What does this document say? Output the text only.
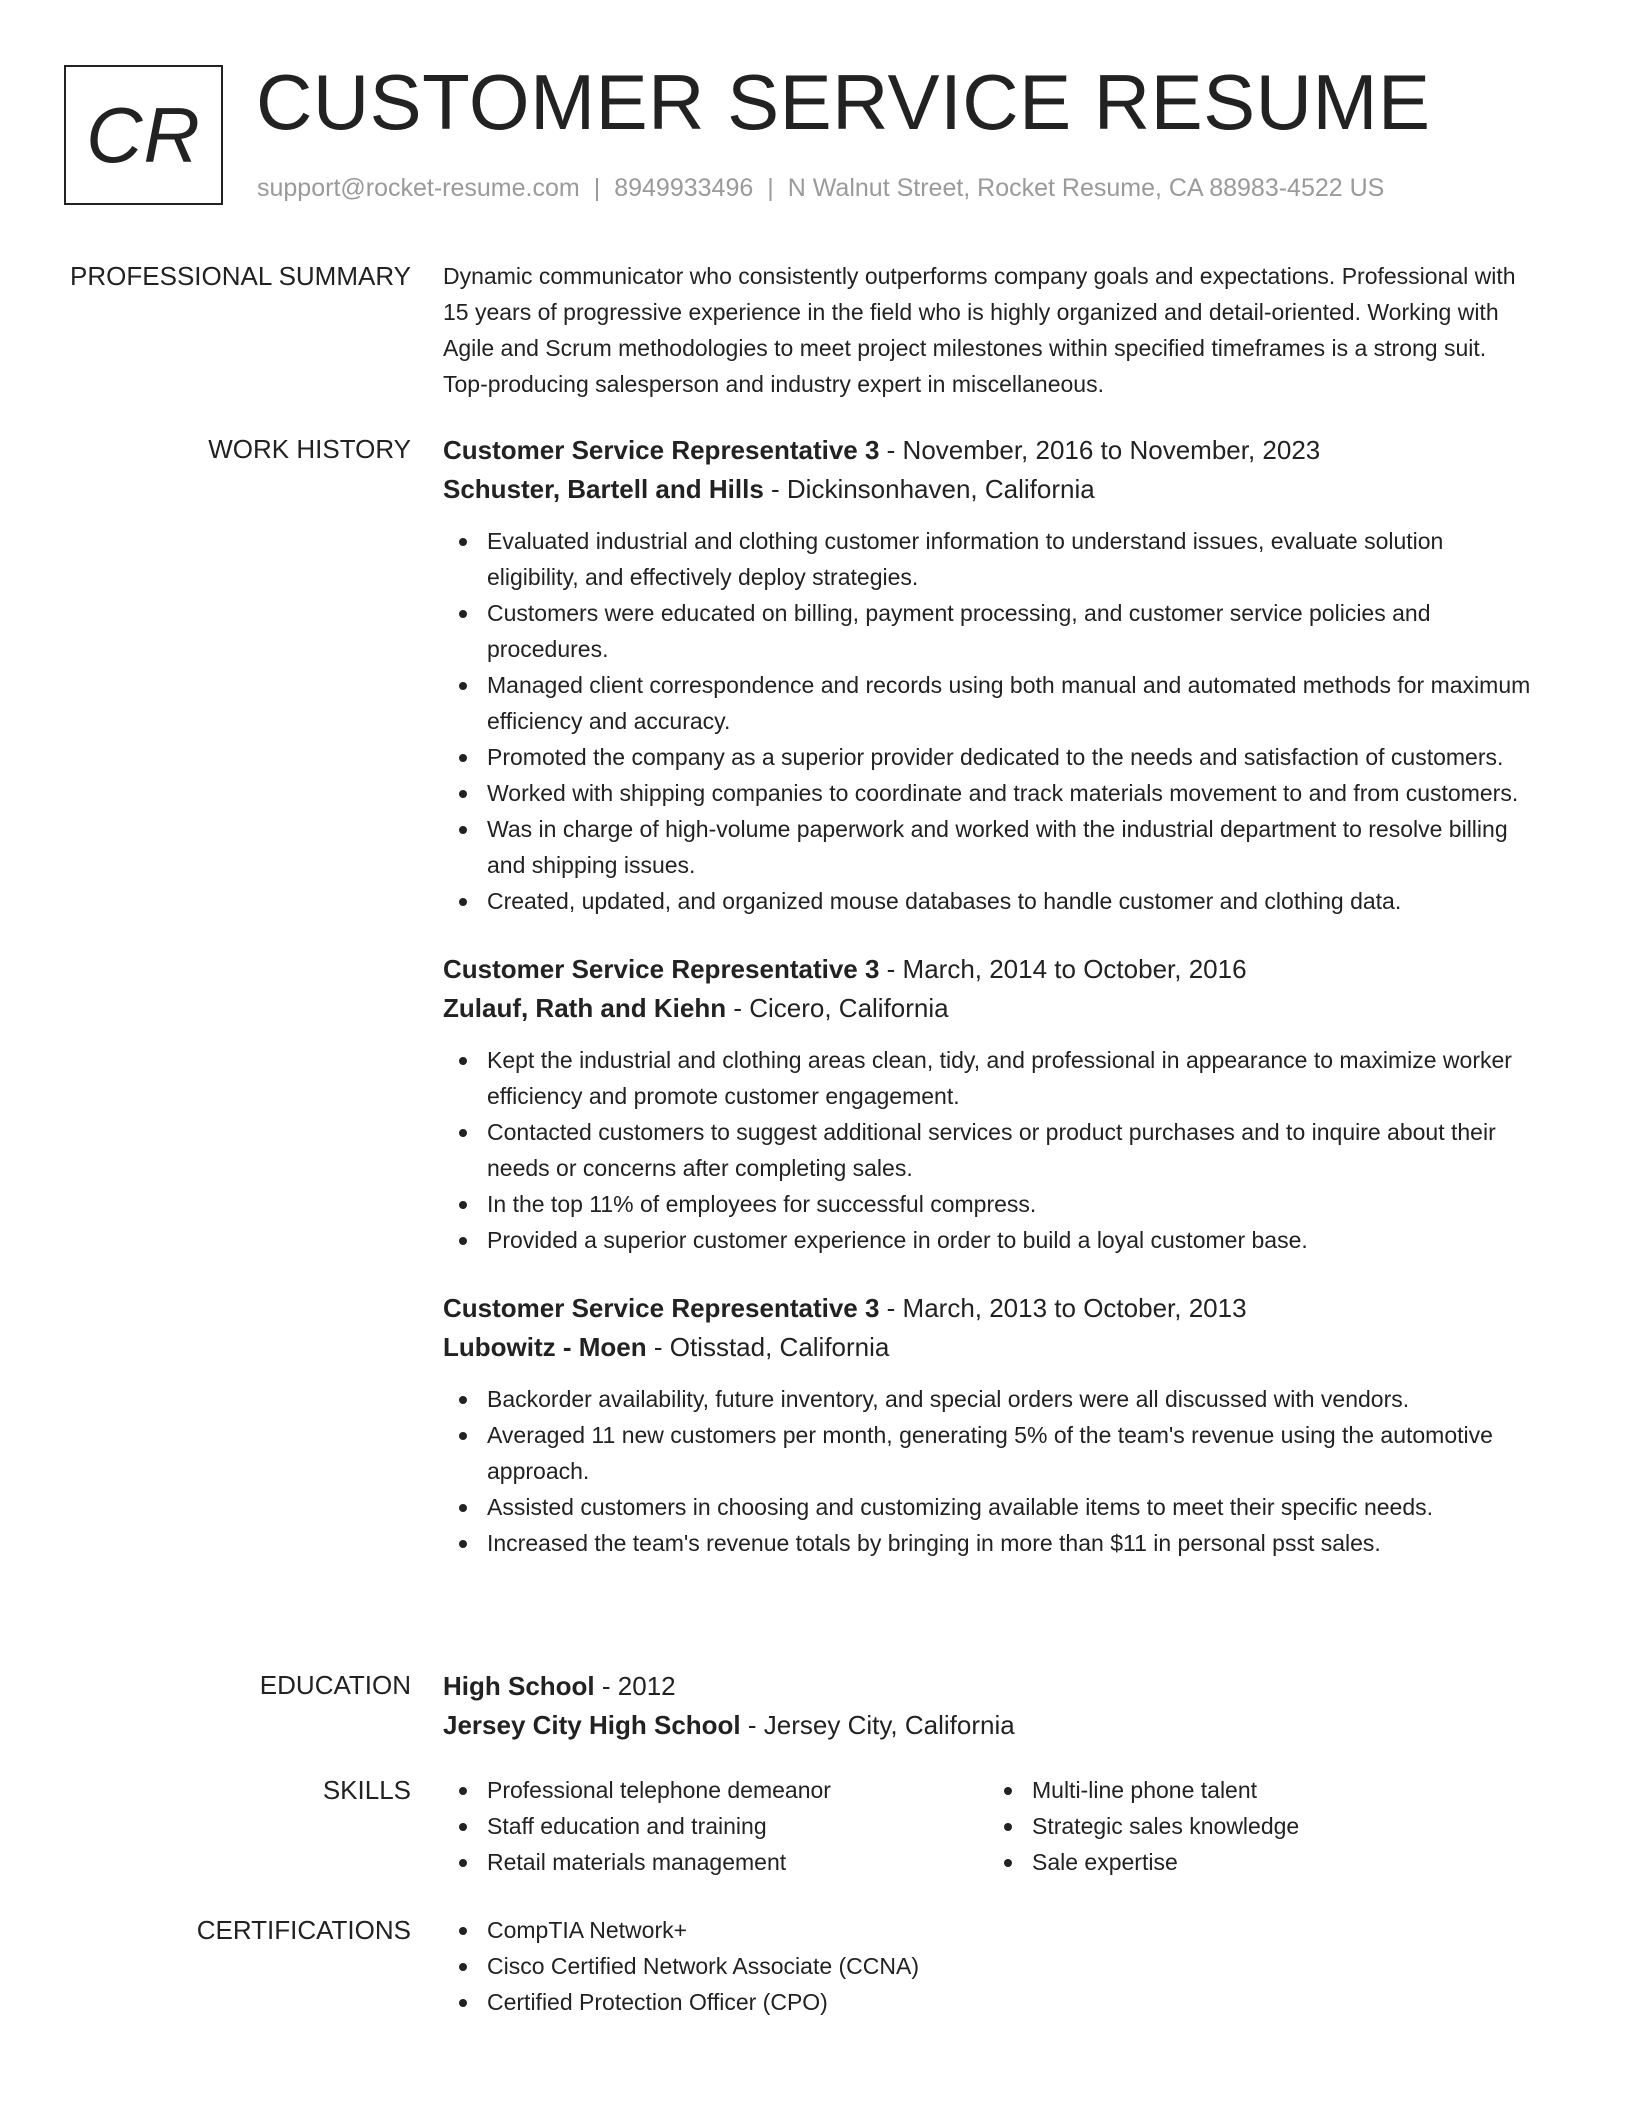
CR CUSTOMER SERVICE RESUME
support@rocket-resume.com | 8949933496 | N Walnut Street, Rocket Resume, CA 88983-4522 US
PROFESSIONAL SUMMARY Dynamic communicator who consistently outperforms company goals and expectations. Professional with 15 years of progressive experience in the field who is highly organized and detail-oriented. Working with Agile and Scrum methodologies to meet project milestones within specified timeframes is a strong suit. Top-producing salesperson and industry expert in miscellaneous.

WORK HISTORY Customer Service Representative 3 - November, 2016 to November, 2023

Schuster, Bartell and Hills - Dickinsonhaven, California

Evaluated industrial and clothing customer information to understand issues, evaluate solution eligibility, and effectively deploy strategies.
Customers were educated on billing, payment processing, and customer service policies and procedures.
Managed client correspondence and records using both manual and automated methods for maximum efficiency and accuracy.
Promoted the company as a superior provider dedicated to the needs and satisfaction of customers.
Worked with shipping companies to coordinate and track materials movement to and from customers.
Was in charge of high-volume paperwork and worked with the industrial department to resolve billing and shipping issues.
Created, updated, and organized mouse databases to handle customer and clothing data.

Customer Service Representative 3 - March, 2014 to October, 2016

Zulauf, Rath and Kiehn - Cicero, California

Kept the industrial and clothing areas clean, tidy, and professional in appearance to maximize worker efficiency and promote customer engagement.
Contacted customers to suggest additional services or product purchases and to inquire about their needs or concerns after completing sales.
In the top 11% of employees for successful compress.
Provided a superior customer experience in order to build a loyal customer base.

Customer Service Representative 3 - March, 2013 to October, 2013

Lubowitz - Moen - Otisstad, California

Backorder availability, future inventory, and special orders were all discussed with vendors.
Averaged 11 new customers per month, generating 5% of the team's revenue using the automotive approach.
Assisted customers in choosing and customizing available items to meet their specific needs.
Increased the team's revenue totals by bringing in more than $11 in personal psst sales.
EDUCATION High School - 2012

Jersey City High School - Jersey City, California

SKILLS	Professional telephone demeanor
Staff education and training
Retail materials management
Multi-line phone talent
Strategic sales knowledge
Sale expertise
CERTIFICATIONS	CompTIA Network+
Cisco Certified Network Associate (CCNA)
Certified Protection Officer (CPO)
